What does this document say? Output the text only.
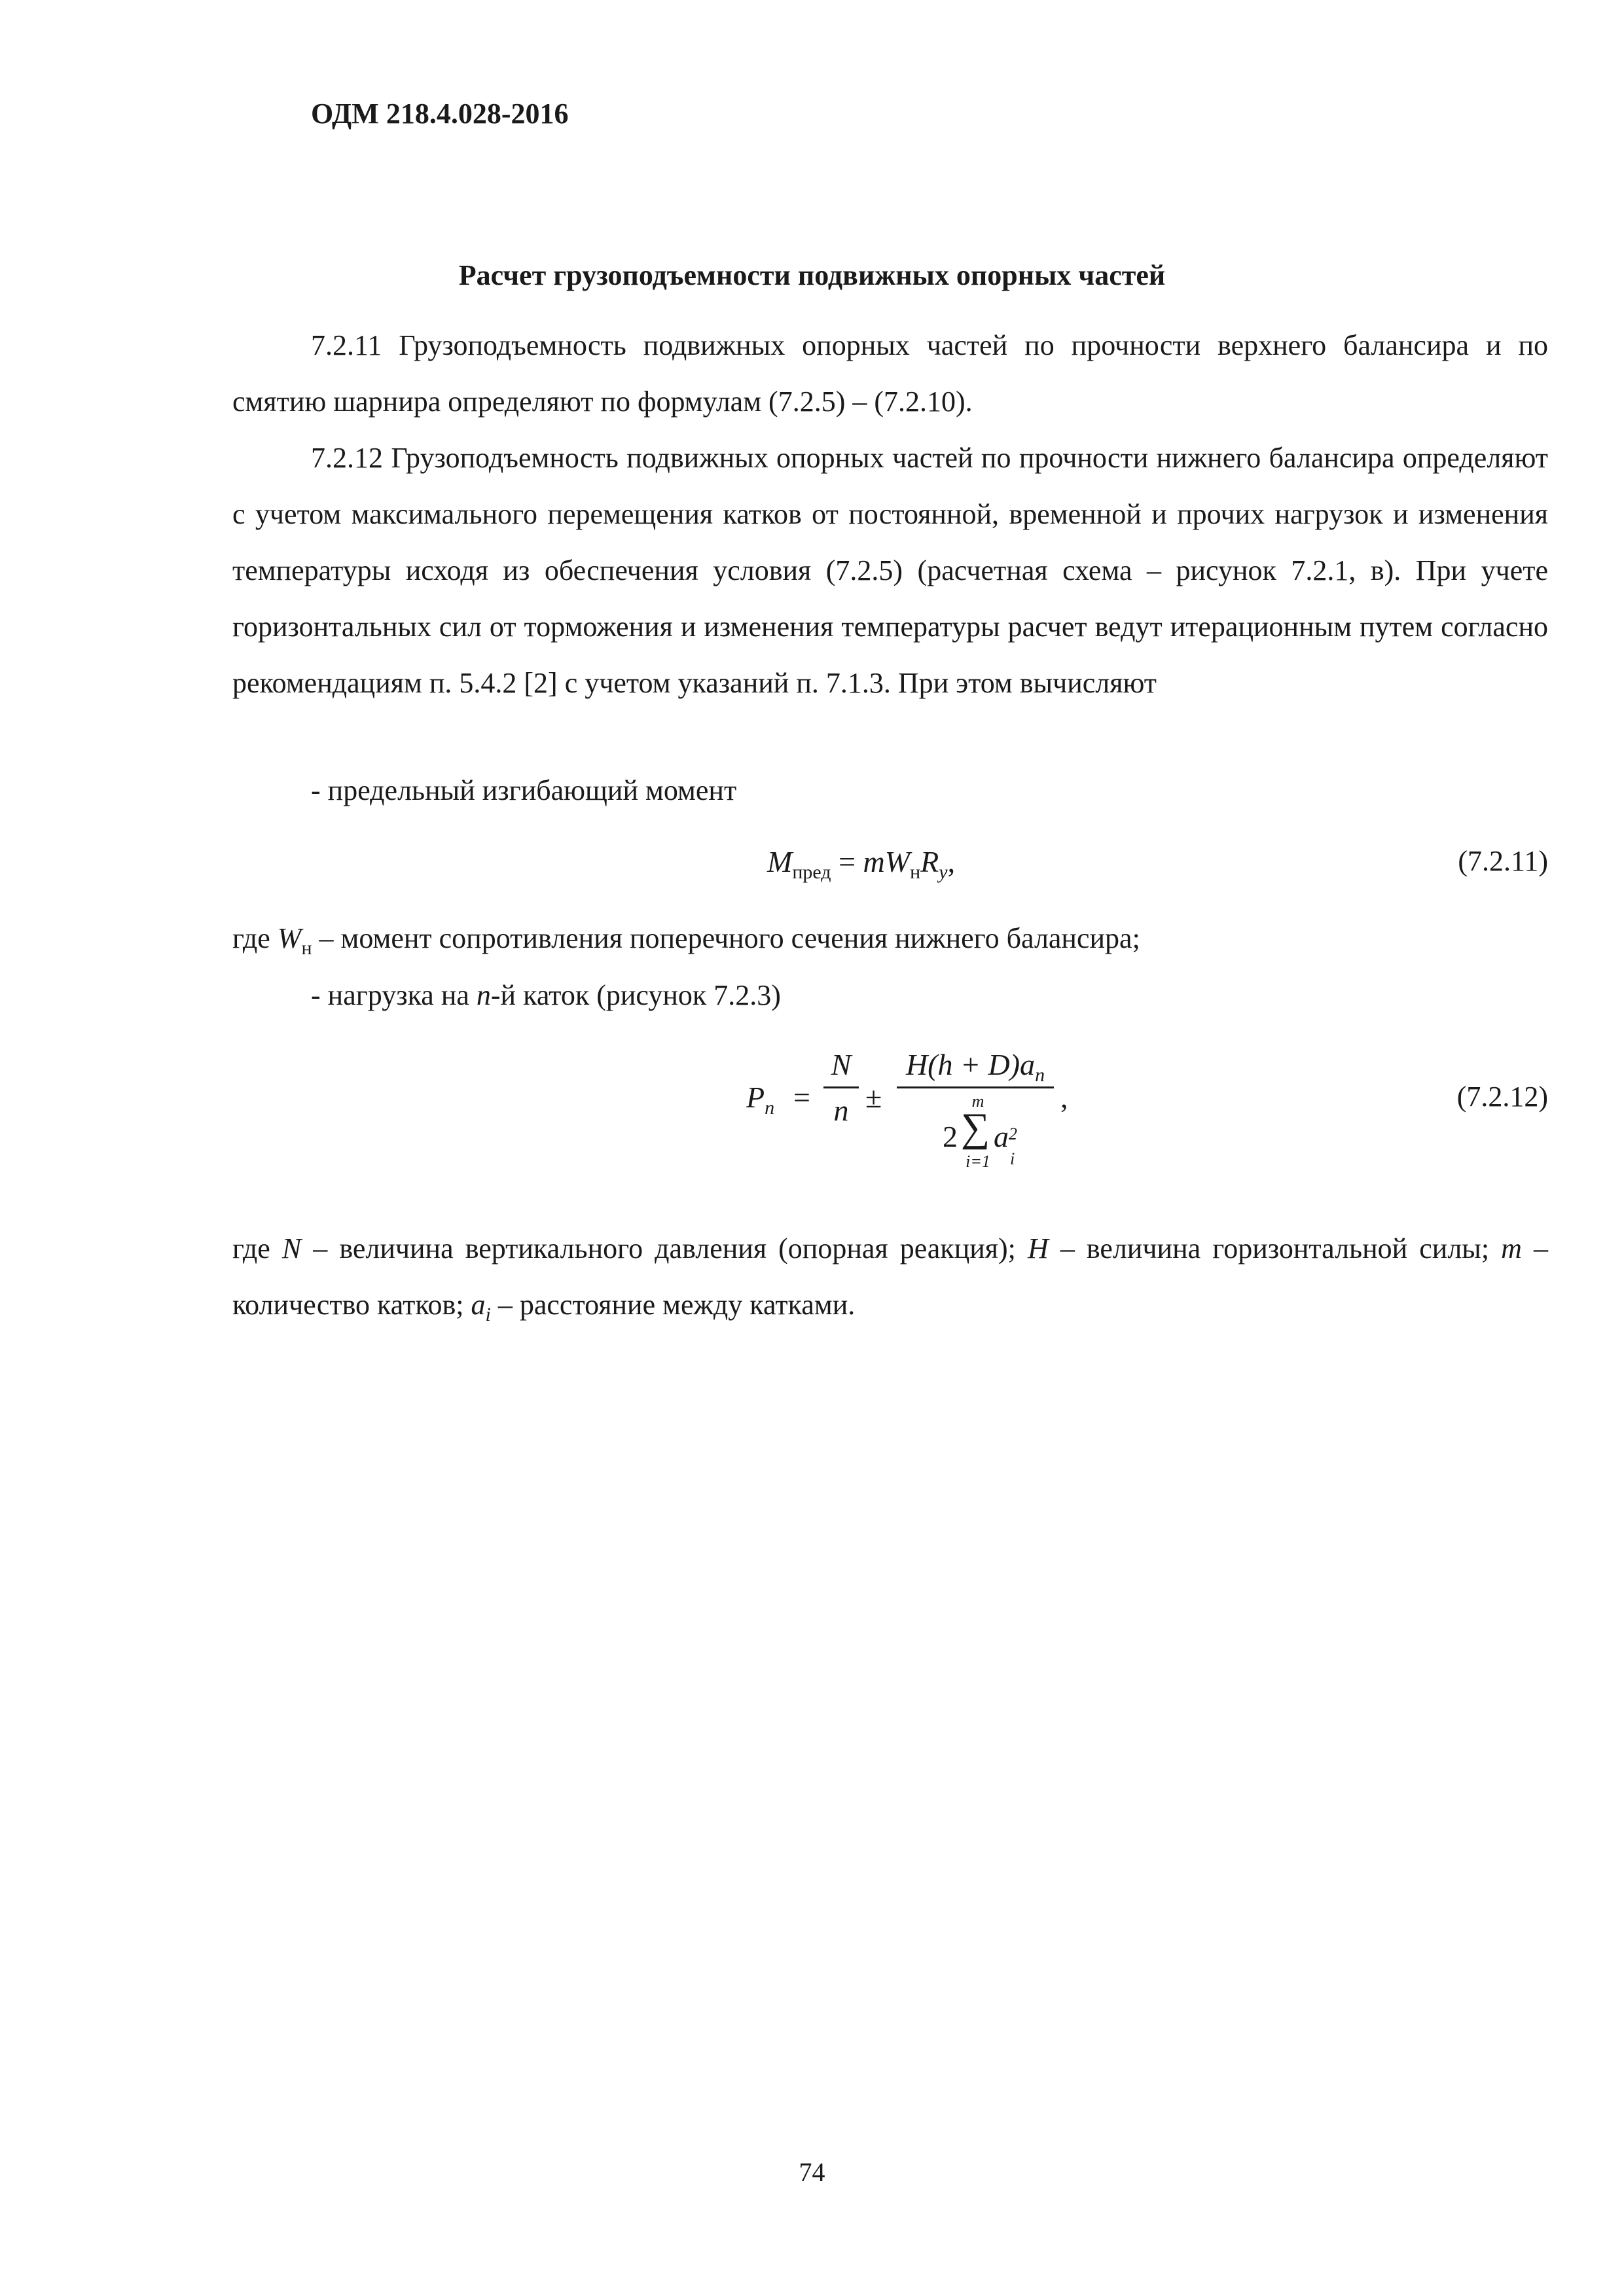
ОДМ 218.4.028-2016
Расчет грузоподъемности подвижных опорных частей

7.2.11 Грузоподъемность подвижных опорных частей по прочности верхнего балансира и по смятию шарнира определяют по формулам (7.2.5) – (7.2.10).

7.2.12 Грузоподъемность подвижных опорных частей по прочности нижнего балансира определяют с учетом максимального перемещения катков от постоянной, временной и прочих нагрузок и изменения температуры исходя из обеспечения условия (7.2.5) (расчетная схема – рисунок 7.2.1, в). При учете горизонтальных сил от торможения и изменения температуры расчет ведут итерационным путем согласно рекомендациям п. 5.4.2 [2] с учетом указаний п. 7.1.3. При этом вычисляют

- предельный изгибающий момент
$M_{пред} = mW_нR_y$,	(7.2.11)
где $W_н$ – момент сопротивления поперечного сечения нижнего балансира;
- нагрузка на n-й каток (рисунок 7.2.3)
$P_n$ =
N
n ±
$H(h + D)a_n$
2
m
∑
i=1
a 2
i
,	(7.2.12)
где N – величина вертикального давления (опорная реакция); H – величина горизонтальной силы; m – количество катков; $a_i$ – расстояние между катками.
74
